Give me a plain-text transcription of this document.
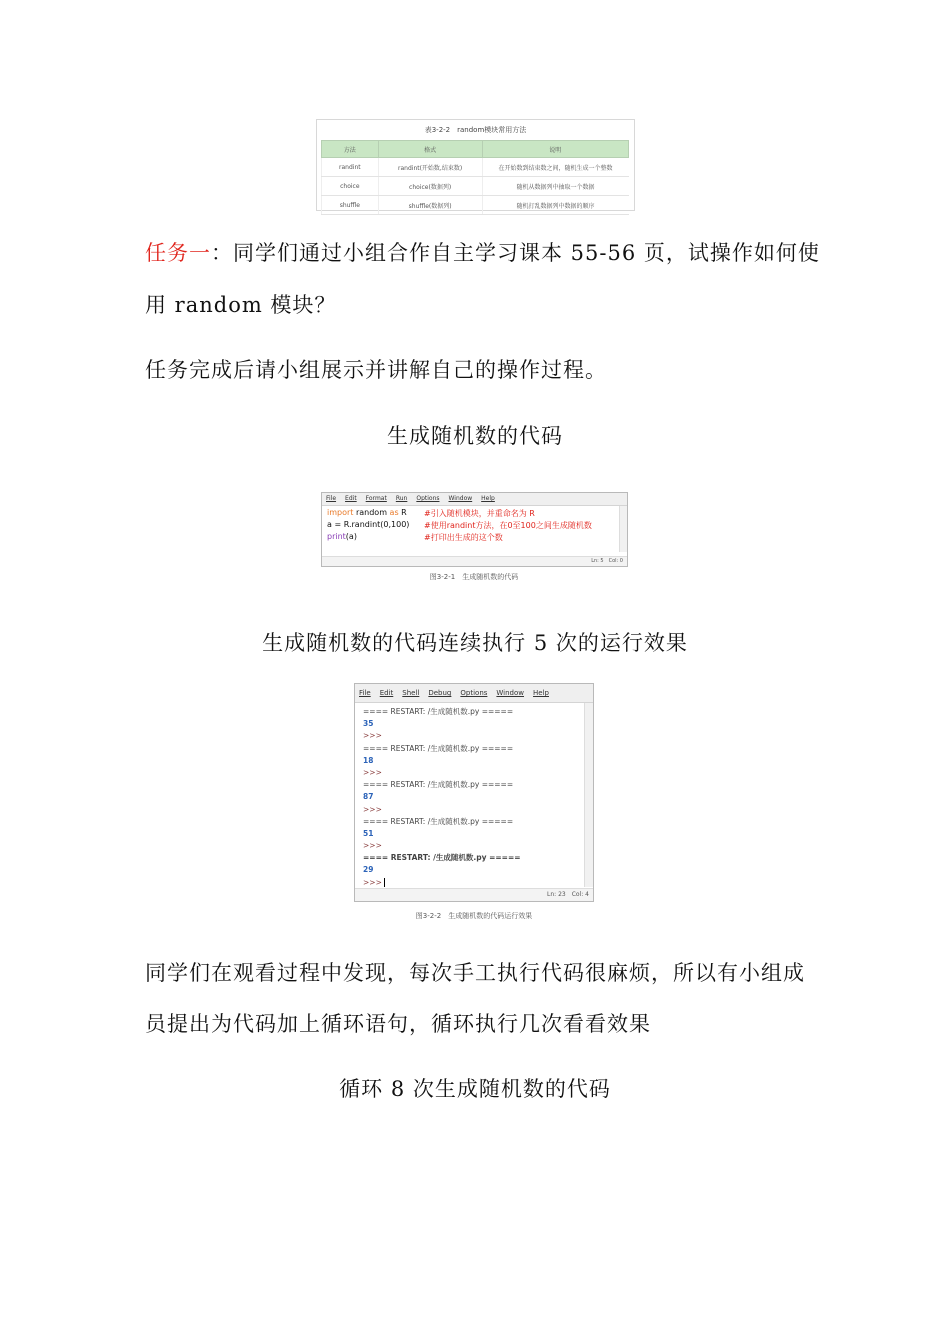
表3-2-2　random模块常用方法
方法	格式	说明
randint	randint(开始数,结束数)	在开始数到结束数之间，随机生成一个整数
choice	choice(数据列)	随机从数据列中抽取一个数据
shuffle	shuffle(数据列)	随机打乱数据列中数据的顺序
任务一：同学们通过小组合作自主学习课本 55-56 页，试操作如何使
用 random 模块？
任务完成后请小组展示并讲解自己的操作过程。
生成随机数的代码
File Edit Format Run Options Window Help
import random as R #引入随机模块，并重命名为 R
a = R.randint(0,100) #使用randint方法，在0至100之间生成随机数
print(a)	#打印出生成的这个数
Ln: 5　Col: 0
图3-2-1　生成随机数的代码
生成随机数的代码连续执行 5 次的运行效果
File Edit Shell Debug Options Window Help
==== RESTART: /生成随机数.py =====
35
>>>
==== RESTART: /生成随机数.py =====
18
>>>
==== RESTART: /生成随机数.py =====
87
>>>
==== RESTART: /生成随机数.py =====
51
>>>
==== RESTART: /生成随机数.py =====
29
>>>
Ln: 23　Col: 4
图3-2-2　生成随机数的代码运行效果
同学们在观看过程中发现，每次手工执行代码很麻烦，所以有小组成
员提出为代码加上循环语句，循环执行几次看看效果
循环 8 次生成随机数的代码
